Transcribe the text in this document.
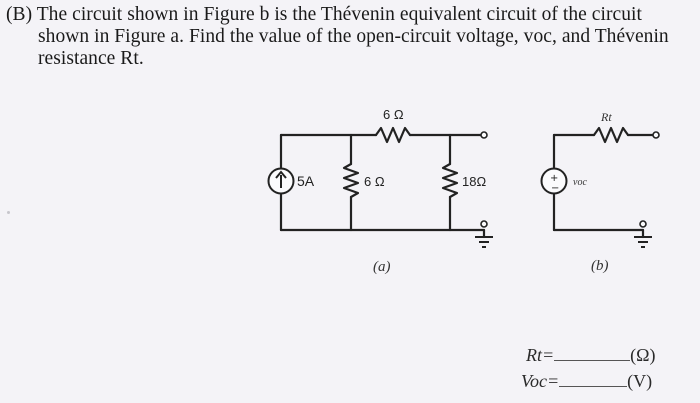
(B) The circuit shown in Figure b is the Thévenin equivalent circuit of the circuit
shown in Figure a. Find the value of the open-circuit voltage, voc, and Thévenin
resistance Rt.
+
−
5A	6 Ω
6 Ω
18Ω
Rt
voc
(a)	(b)
Rt=	(Ω)
Voc=	(V)
